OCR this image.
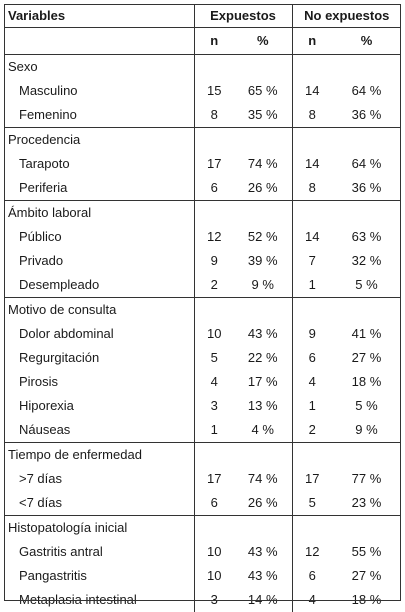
Variables	Expuestos		No expuestos	
	n	%	n	%
Sexo				
Masculino	15	65 %	14	64 %
Femenino	8	35 %	8	36 %
Procedencia				
Tarapoto	17	74 %	14	64 %
Periferia	6	26 %	8	36 %
Ámbito laboral				
Público	12	52 %	14	63 %
Privado	9	39 %	7	32 %
Desempleado	2	9 %	1	5 %
Motivo de consulta				
Dolor abdominal	10	43 %	9	41 %
Regurgitación	5	22 %	6	27 %
Pirosis	4	17 %	4	18 %
Hiporexia	3	13 %	1	5 %
Náuseas	1	4 %	2	9 %
Tiempo de enfermedad				
>7 días	17	74 %	17	77 %
<7 días	6	26 %	5	23 %
Histopatología inicial				
Gastritis antral	10	43 %	12	55 %
Pangastritis	10	43 %	6	27 %
Metaplasia intestinal	3	14 %	4	18 %
